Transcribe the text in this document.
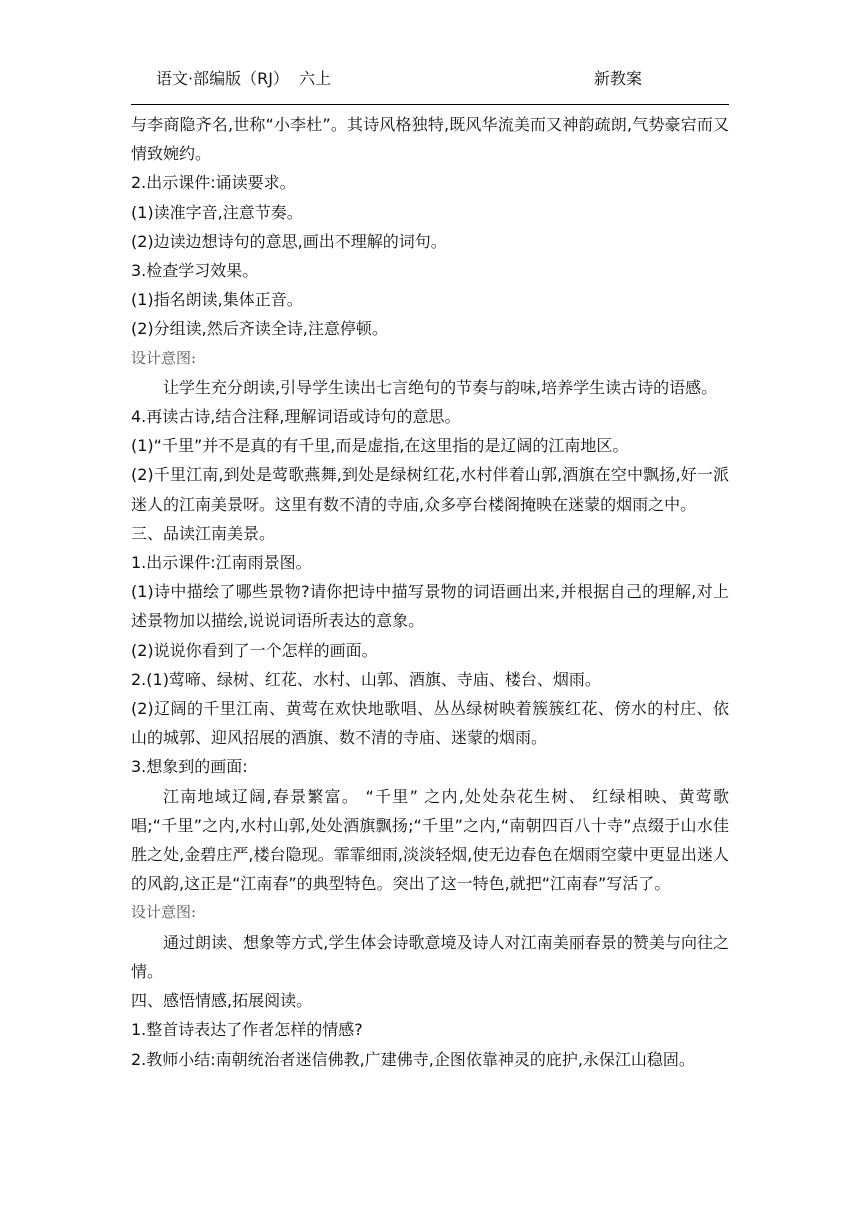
语文·部编版（RJ）  六上	新教案

与李商隐齐名,世称“小李杜”。其诗风格独特,既风华流美而又神韵疏朗,气势豪宕而又情致婉约。

2.出示课件:诵读要求。

(1)读准字音,注意节奏。

(2)边读边想诗句的意思,画出不理解的词句。

3.检查学习效果。

(1)指名朗读,集体正音。

(2)分组读,然后齐读全诗,注意停顿。

设计意图:

让学生充分朗读,引导学生读出七言绝句的节奏与韵味,培养学生读古诗的语感。

4.再读古诗,结合注释,理解词语或诗句的意思。

(1)“千里”并不是真的有千里,而是虚指,在这里指的是辽阔的江南地区。

(2)千里江南,到处是莺歌燕舞,到处是绿树红花,水村伴着山郭,酒旗在空中飘扬,好一派迷人的江南美景呀。这里有数不清的寺庙,众多亭台楼阁掩映在迷蒙的烟雨之中。

三、品读江南美景。

1.出示课件:江南雨景图。

(1)诗中描绘了哪些景物?请你把诗中描写景物的词语画出来,并根据自己的理解,对上述景物加以描绘,说说词语所表达的意象。

(2)说说你看到了一个怎样的画面。

2.(1)莺啼、绿树、红花、水村、山郭、酒旗、寺庙、楼台、烟雨。

(2)辽阔的千里江南、黄莺在欢快地歌唱、丛丛绿树映着簇簇红花、傍水的村庄、依山的城郭、迎风招展的酒旗、数不清的寺庙、迷蒙的烟雨。

3.想象到的画面:

江南地域辽阔,春景繁富。 “千里” 之内,处处杂花生树、 红绿相映、黄莺歌唱;“千里”之内,水村山郭,处处酒旗飘扬;“千里”之内,“南朝四百八十寺”点缀于山水佳胜之处,金碧庄严,楼台隐现。霏霏细雨,淡淡轻烟,使无边春色在烟雨空蒙中更显出迷人的风韵,这正是“江南春”的典型特色。突出了这一特色,就把“江南春”写活了。

设计意图:

通过朗读、想象等方式,学生体会诗歌意境及诗人对江南美丽春景的赞美与向往之情。

四、感悟情感,拓展阅读。

1.整首诗表达了作者怎样的情感?

2.教师小结:南朝统治者迷信佛教,广建佛寺,企图依靠神灵的庇护,永保江山稳固。
